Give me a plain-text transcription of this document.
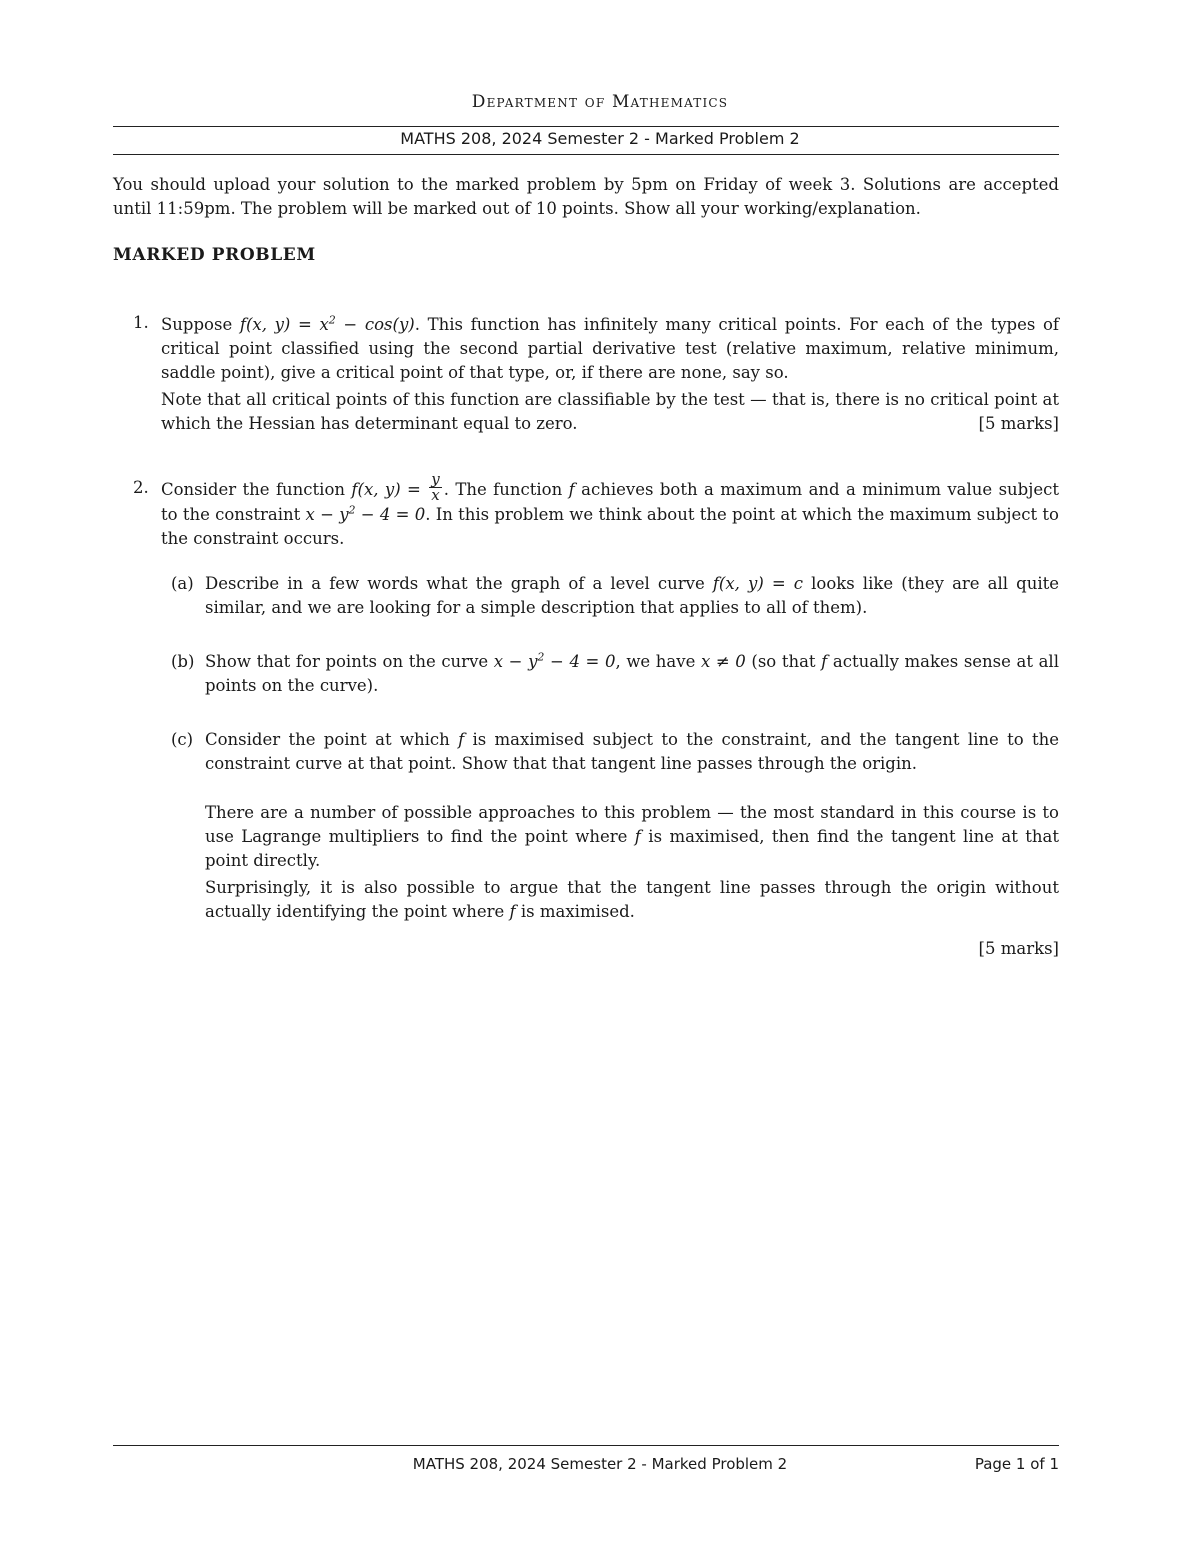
Department of Mathematics
MATHS 208, 2024 Semester 2 - Marked Problem 2
You should upload your solution to the marked problem by 5pm on Friday of week 3. Solutions are accepted until 11:59pm. The problem will be marked out of 10 points. Show all your working/explanation.
MARKED PROBLEM
1. Suppose f(x, $y) = x^2 - \cos(y)$. This function has infinitely many critical points. For each of the types of critical point classified using the second partial derivative test (relative maximum, relative minimum, saddle point), give a critical point of that type, or, if there are none, say so.

Note that all critical points of this function are classifiable by the test — that is, there is no critical point at which the Hessian has determinant equal to zero.	[5 marks]

2. Consider the function f(x, $y) = \frac{y}{x}$ . The function f achieves both a maximum and a minimum value subject to the constraint $x - y^2 - 4 = 0$. In this problem we think about the point at which the maximum subject to the constraint occurs.

(a) Describe in a few words what the graph of a level curve f(x, y) = c looks like (they are all quite similar, and we are looking for a simple description that applies to all of them).

(b) Show that for points on the curve $x - y^2 - 4 = 0$, we have x ≠ 0 (so that f actually makes sense at all points on the curve).

(c) Consider the point at which f is maximised subject to the constraint, and the tangent line to the constraint curve at that point. Show that that tangent line passes through the origin.

There are a number of possible approaches to this problem — the most standard in this course is to use Lagrange multipliers to find the point where f is maximised, then find the tangent line at that point directly.

Surprisingly, it is also possible to argue that the tangent line passes through the origin without actually identifying the point where f is maximised.

[5 marks]

MATHS 208, 2024 Semester 2 - Marked Problem 2	Page 1 of 1
